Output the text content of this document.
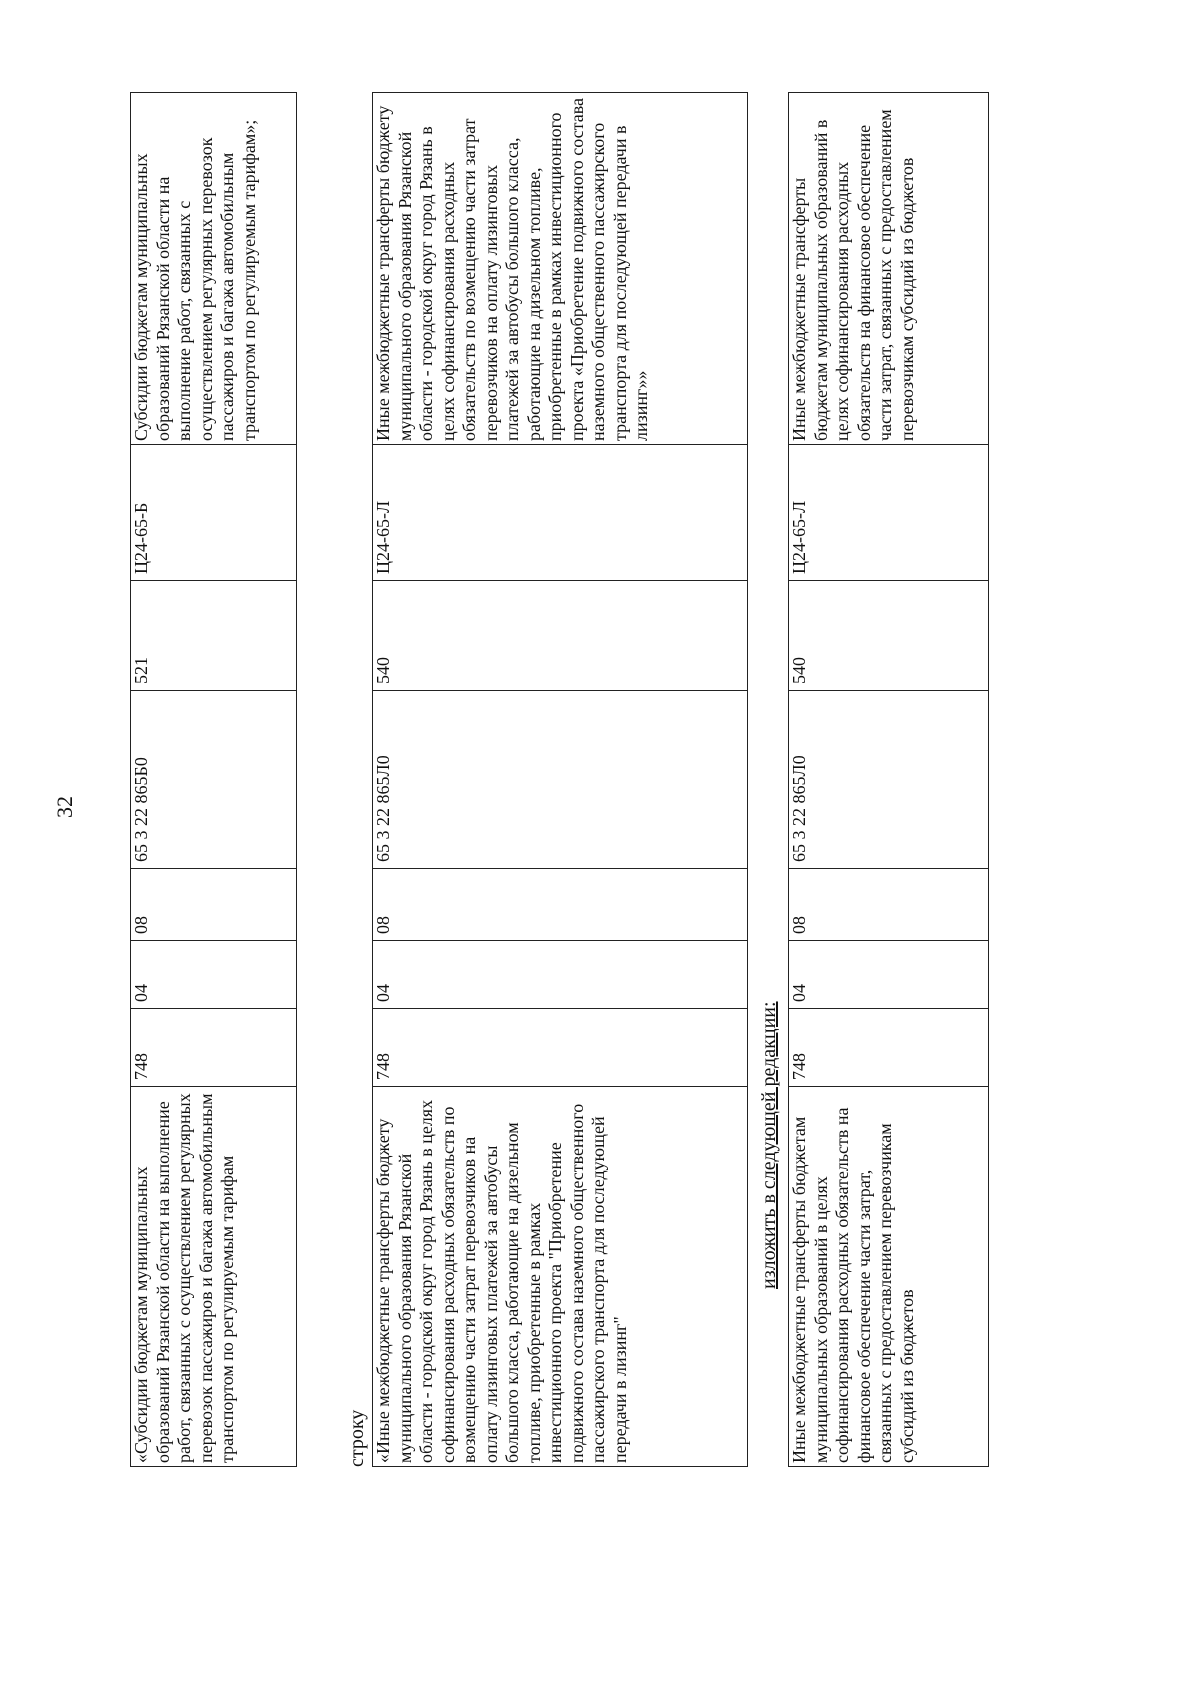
32
«Субсидии бюджетам муниципальных образований Рязанской области на выполнение работ, связанных с осуществлением регулярных перевозок пассажиров и багажа автомобильным транспортом по регулируемым тарифам	748	04	08	65 3 22 865Б0	521	Ц24-65-Б	Субсидии бюджетам муниципальных образований Рязанской области на выполнение работ, связанных с осуществлением регулярных перевозок пассажиров и багажа автомобильным транспортом по регулируемым тарифам»;
строку «Иные межбюджетные трансферты бюджету муниципального образования Рязанской области - городской округ город Рязань в целях софинансирования расходных обязательств по возмещению части затрат перевозчиков на оплату лизинговых платежей за автобусы большого класса, работающие на дизельном топливе, приобретенные в рамках инвестиционного проекта "Приобретение подвижного состава наземного общественного пассажирского транспорта для последующей передачи в лизинг"	748	04	08	65 3 22 865Л0	540	Ц24-65-Л	Иные межбюджетные трансферты бюджету муниципального образования Рязанской области - городской округ город Рязань в целях софинансирования расходных обязательств по возмещению части затрат перевозчиков на оплату лизинговых платежей за автобусы большого класса, работающие на дизельном топливе, приобретенные в рамках инвестиционного проекта «Приобретение подвижного состава наземного общественного пассажирского транспорта для последующей передачи в лизинг»»
изложить в следующей редакции: Иные межбюджетные трансферты бюджетам муниципальных образований в целях софинансирования расходных обязательств на финансовое обеспечение части затрат, связанных с предоставлением перевозчикам субсидий из бюджетов	748	04	08	65 3 22 865Л0	540	Ц24-65-Л	Иные межбюджетные трансферты бюджетам муниципальных образований в целях софинансирования расходных обязательств на финансовое обеспечение части затрат, связанных с предоставлением перевозчикам субсидий из бюджетов
